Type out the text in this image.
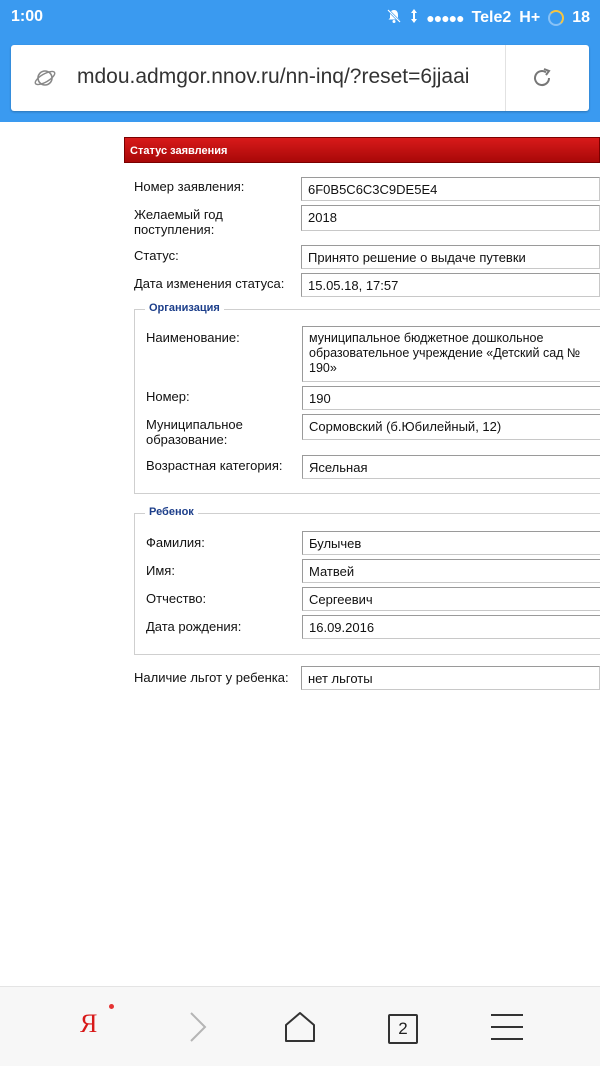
1:00	●●●●● Tele2 H+ 18
mdou.admgor.nnov.ru/nn-inq/?reset=6jjaai
Статус заявления
Номер заявления:	6F0B5C6C3C9DE5E4
Желаемый год поступления:
2018
Статус:	Принято решение о выдаче путевки
Дата изменения статуса:	15.05.18, 17:57
Организация
Наименование:	муниципальное бюджетное дошкольное образовательное учреждение «Детский сад № 190»
Номер:	190
Муниципальное образование:
Сормовский (б.Юбилейный, 12)
Возрастная категория:	Ясельная
Ребенок
Фамилия:	Булычев
Имя:	Матвей
Отчество:	Сергеевич
Дата рождения:	16.09.2016
Наличие льгот у ребенка:	нет льготы
Я	2
